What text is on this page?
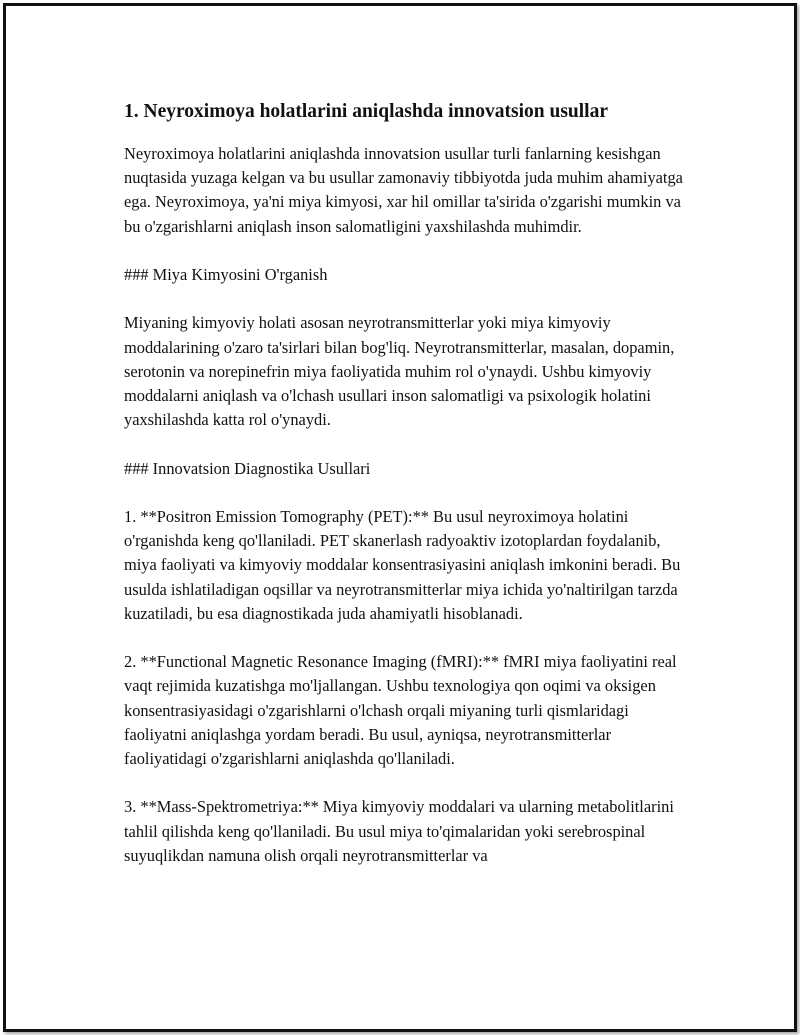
1. Neyroximoya holatlarini aniqlashda innovatsion usullar

Neyroximoya holatlarini aniqlashda innovatsion usullar turli fanlarning kesishgan nuqtasida yuzaga kelgan va bu usullar zamonaviy tibbiyotda juda muhim ahamiyatga ega. Neyroximoya, ya'ni miya kimyosi, xar hil omillar ta'sirida o'zgarishi mumkin va bu o'zgarishlarni aniqlash inson salomatligini yaxshilashda muhimdir.

### Miya Kimyosini O'rganish

Miyaning kimyoviy holati asosan neyrotransmitterlar yoki miya kimyoviy moddalarining o'zaro ta'sirlari bilan bog'liq. Neyrotransmitterlar, masalan, dopamin, serotonin va norepinefrin miya faoliyatida muhim rol o'ynaydi. Ushbu kimyoviy moddalarni aniqlash va o'lchash usullari inson salomatligi va psixologik holatini yaxshilashda katta rol o'ynaydi.

### Innovatsion Diagnostika Usullari

1. **Positron Emission Tomography (PET):** Bu usul neyroximoya holatini o'rganishda keng qo'llaniladi. PET skanerlash radyoaktiv izotoplardan foydalanib, miya faoliyati va kimyoviy moddalar konsentrasiyasini aniqlash imkonini beradi. Bu usulda ishlatiladigan oqsillar va neyrotransmitterlar miya ichida yo'naltirilgan tarzda kuzatiladi, bu esa diagnostikada juda ahamiyatli hisoblanadi.

2. **Functional Magnetic Resonance Imaging (fMRI):** fMRI miya faoliyatini real vaqt rejimida kuzatishga mo'ljallangan. Ushbu texnologiya qon oqimi va oksigen konsentrasiyasidagi o'zgarishlarni o'lchash orqali miyaning turli qismlaridagi faoliyatni aniqlashga yordam beradi. Bu usul, ayniqsa, neyrotransmitterlar faoliyatidagi o'zgarishlarni aniqlashda qo'llaniladi.

3. **Mass-Spektrometriya:** Miya kimyoviy moddalari va ularning metabolitlarini tahlil qilishda keng qo'llaniladi. Bu usul miya to'qimalaridan yoki serebrospinal suyuqlikdan namuna olish orqali neyrotransmitterlar va
